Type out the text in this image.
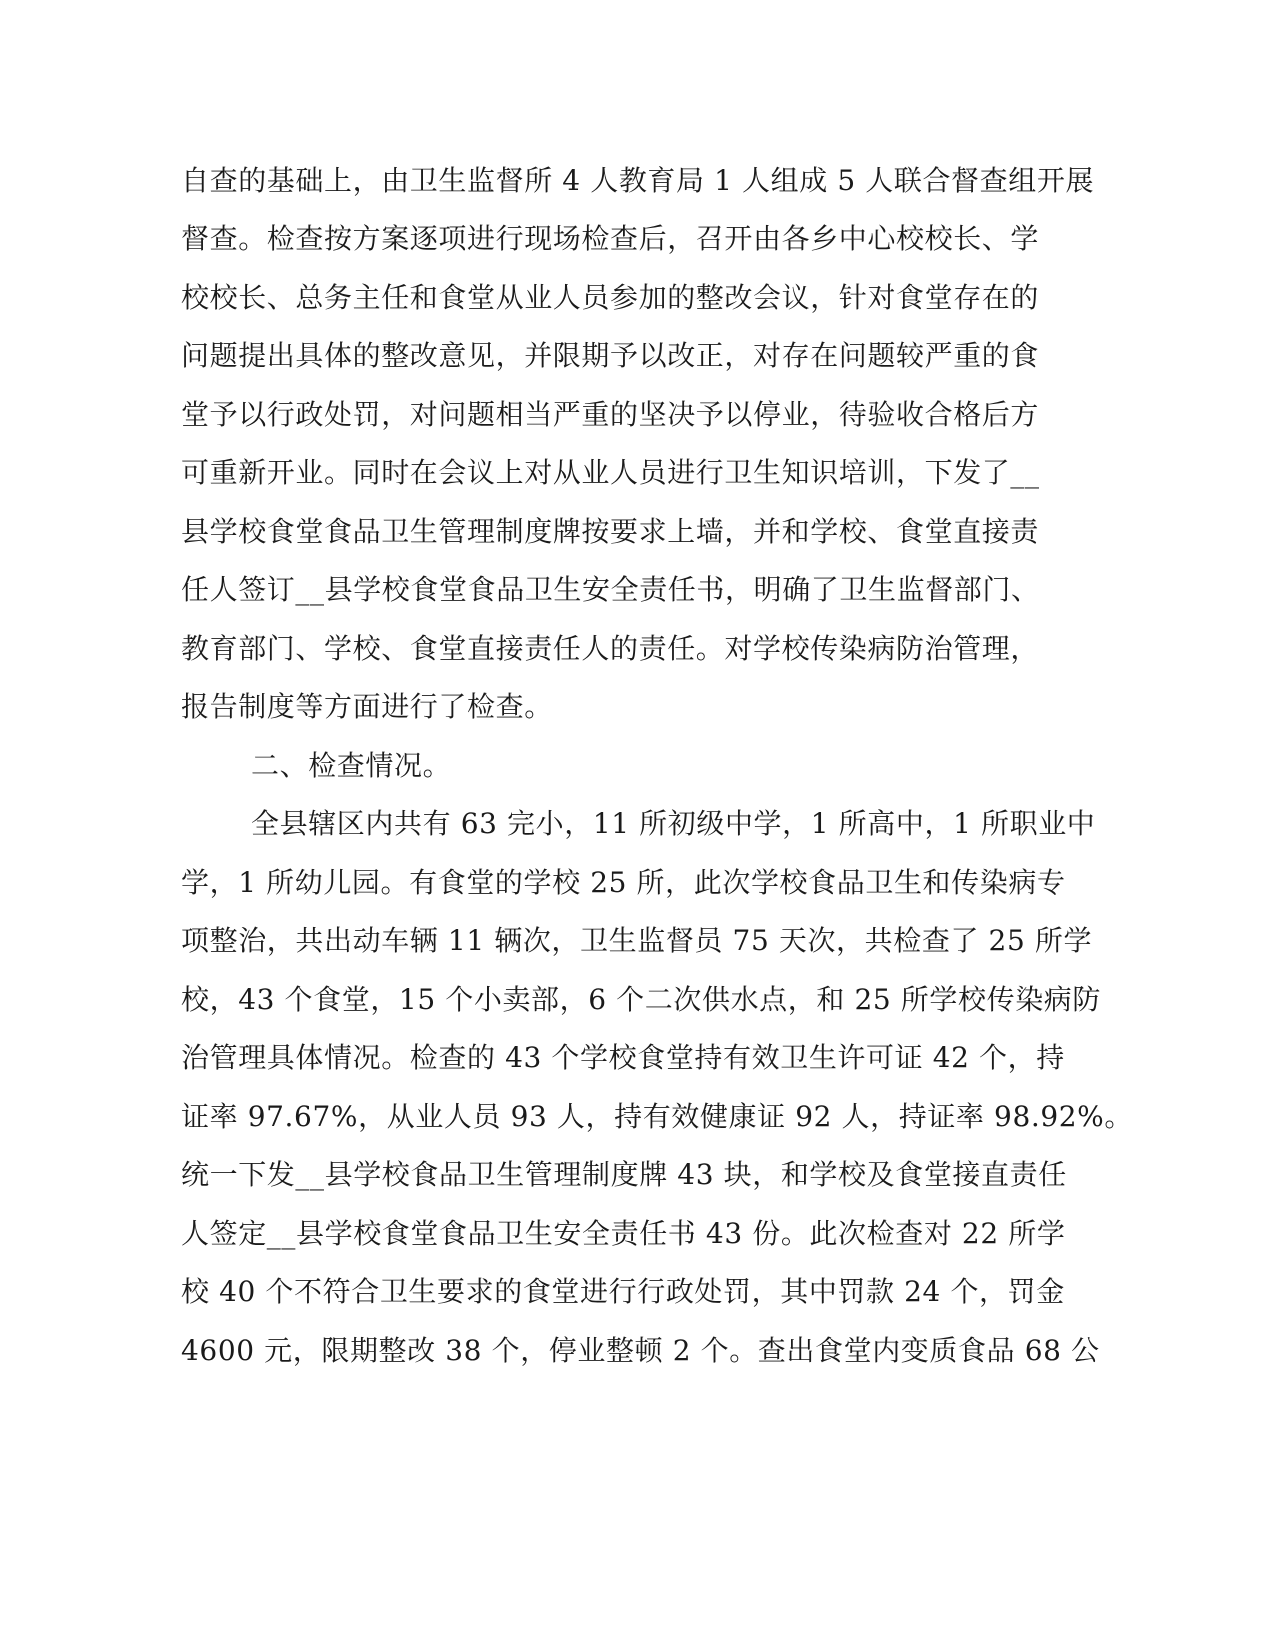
自查的基础上，由卫生监督所 4 人教育局 1 人组成 5 人联合督查组开展

督查。检查按方案逐项进行现场检查后，召开由各乡中心校校长、学

校校长、总务主任和食堂从业人员参加的整改会议，针对食堂存在的

问题提出具体的整改意见，并限期予以改正，对存在问题较严重的食

堂予以行政处罚，对问题相当严重的坚决予以停业，待验收合格后方

可重新开业。同时在会议上对从业人员进行卫生知识培训，下发了__

县学校食堂食品卫生管理制度牌按要求上墙，并和学校、食堂直接责

任人签订__县学校食堂食品卫生安全责任书，明确了卫生监督部门、

教育部门、学校、食堂直接责任人的责任。对学校传染病防治管理，

报告制度等方面进行了检查。

二、检查情况。

全县辖区内共有 63 完小，11 所初级中学，1 所高中，1 所职业中

学，1 所幼儿园。有食堂的学校 25 所，此次学校食品卫生和传染病专

项整治，共出动车辆 11 辆次，卫生监督员 75 天次，共检查了 25 所学

校，43 个食堂，15 个小卖部，6 个二次供水点，和 25 所学校传染病防

治管理具体情况。检查的 43 个学校食堂持有效卫生许可证 42 个，持

证率 97.67%，从业人员 93 人，持有效健康证 92 人，持证率 98.92%。

统一下发__县学校食品卫生管理制度牌 43 块，和学校及食堂接直责任

人签定__县学校食堂食品卫生安全责任书 43 份。此次检查对 22 所学

校 40 个不符合卫生要求的食堂进行行政处罚，其中罚款 24 个，罚金

4600 元，限期整改 38 个，停业整顿 2 个。查出食堂内变质食品 68 公
